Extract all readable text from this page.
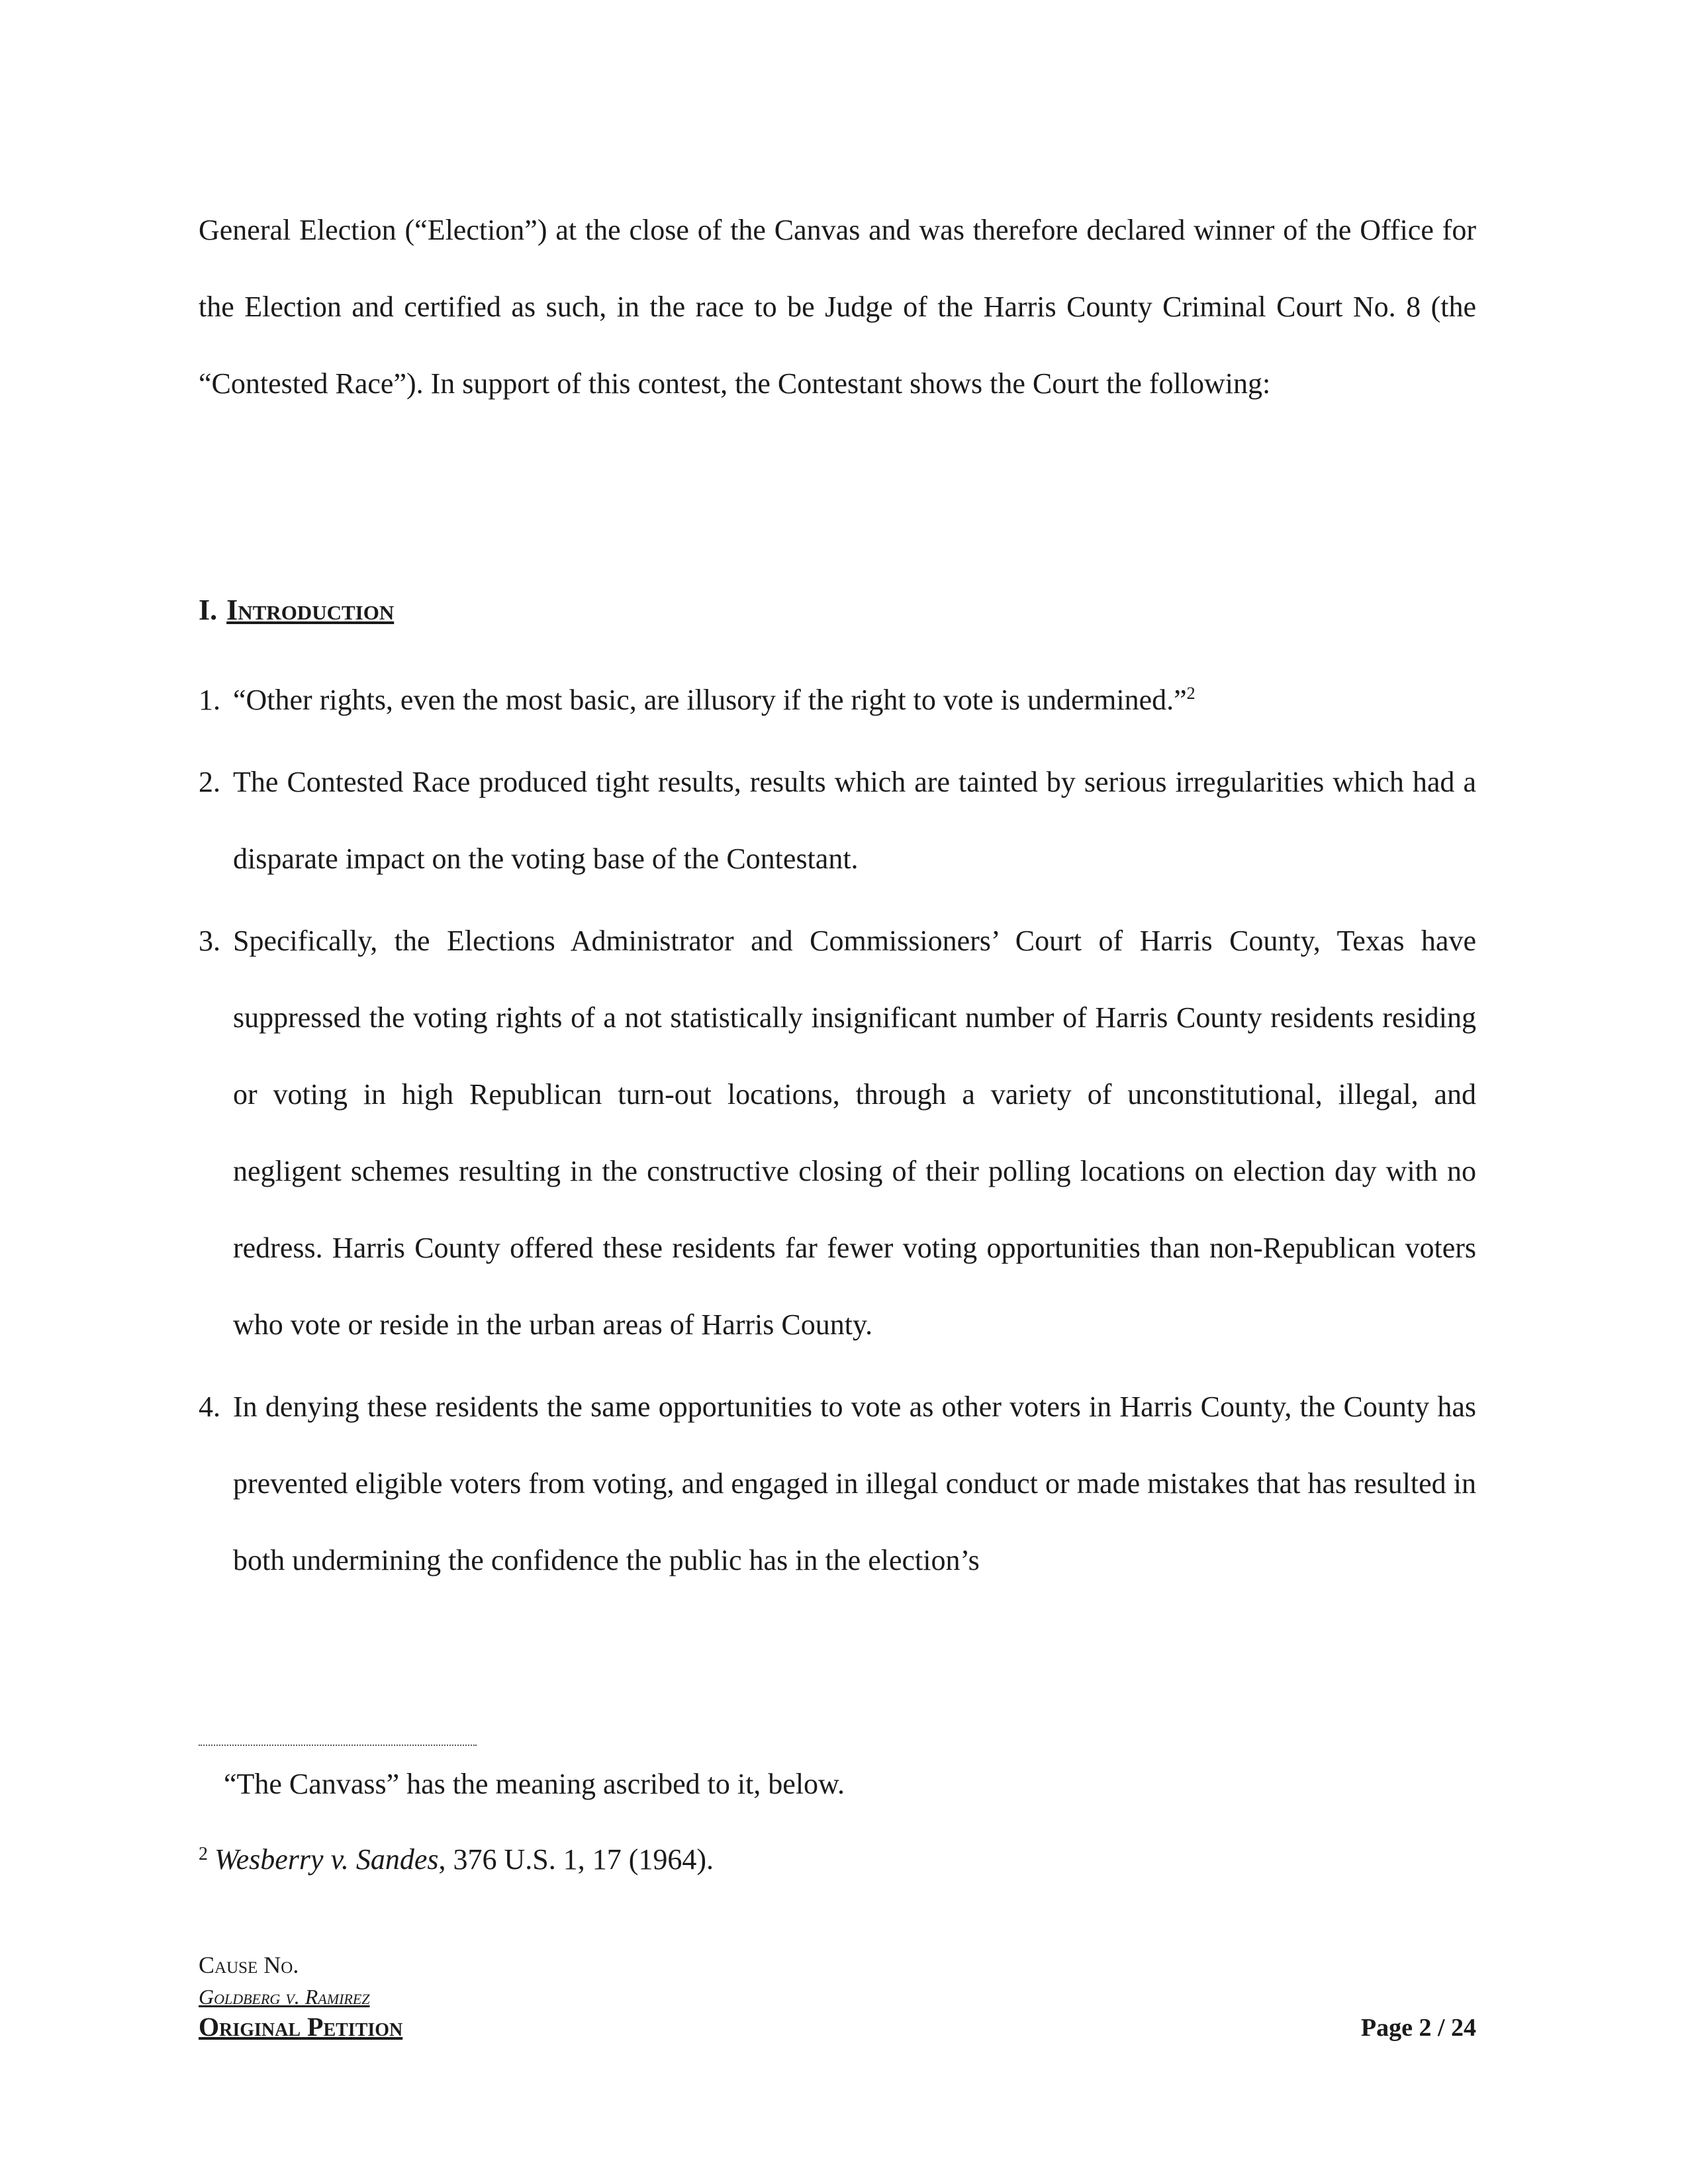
General Election (“Election”) at the close of the Canvas and was therefore declared winner of the Office for the Election and certified as such, in the race to be Judge of the Harris County Criminal Court No. 8 (the “Contested Race”). In support of this contest, the Contestant shows the Court the following:

I. Introduction
1. “Other rights, even the most basic, are illusory if the right to vote is undermined.”$^2$
2. The Contested Race produced tight results, results which are tainted by serious irregularities which had a disparate impact on the voting base of the Contestant.
3. Specifically, the Elections Administrator and Commissioners’ Court of Harris County, Texas have suppressed the voting rights of a not statistically insignificant number of Harris County residents residing or voting in high Republican turn-out locations, through a variety of unconstitutional, illegal, and negligent schemes resulting in the constructive closing of their polling locations on election day with no redress. Harris County offered these residents far fewer voting opportunities than non-Republican voters who vote or reside in the urban areas of Harris County.
4. In denying these residents the same opportunities to vote as other voters in Harris County, the County has prevented eligible voters from voting, and engaged in illegal conduct or made mistakes that has resulted in both undermining the confidence the public has in the election’s

“The Canvass” has the meaning ascribed to it, below.

$^2$ Wesberry v. Sandes, 376 U.S. 1, 17 (1964).

Cause No.
Goldberg v. Ramirez
Original Petition	Page 2 / 24
